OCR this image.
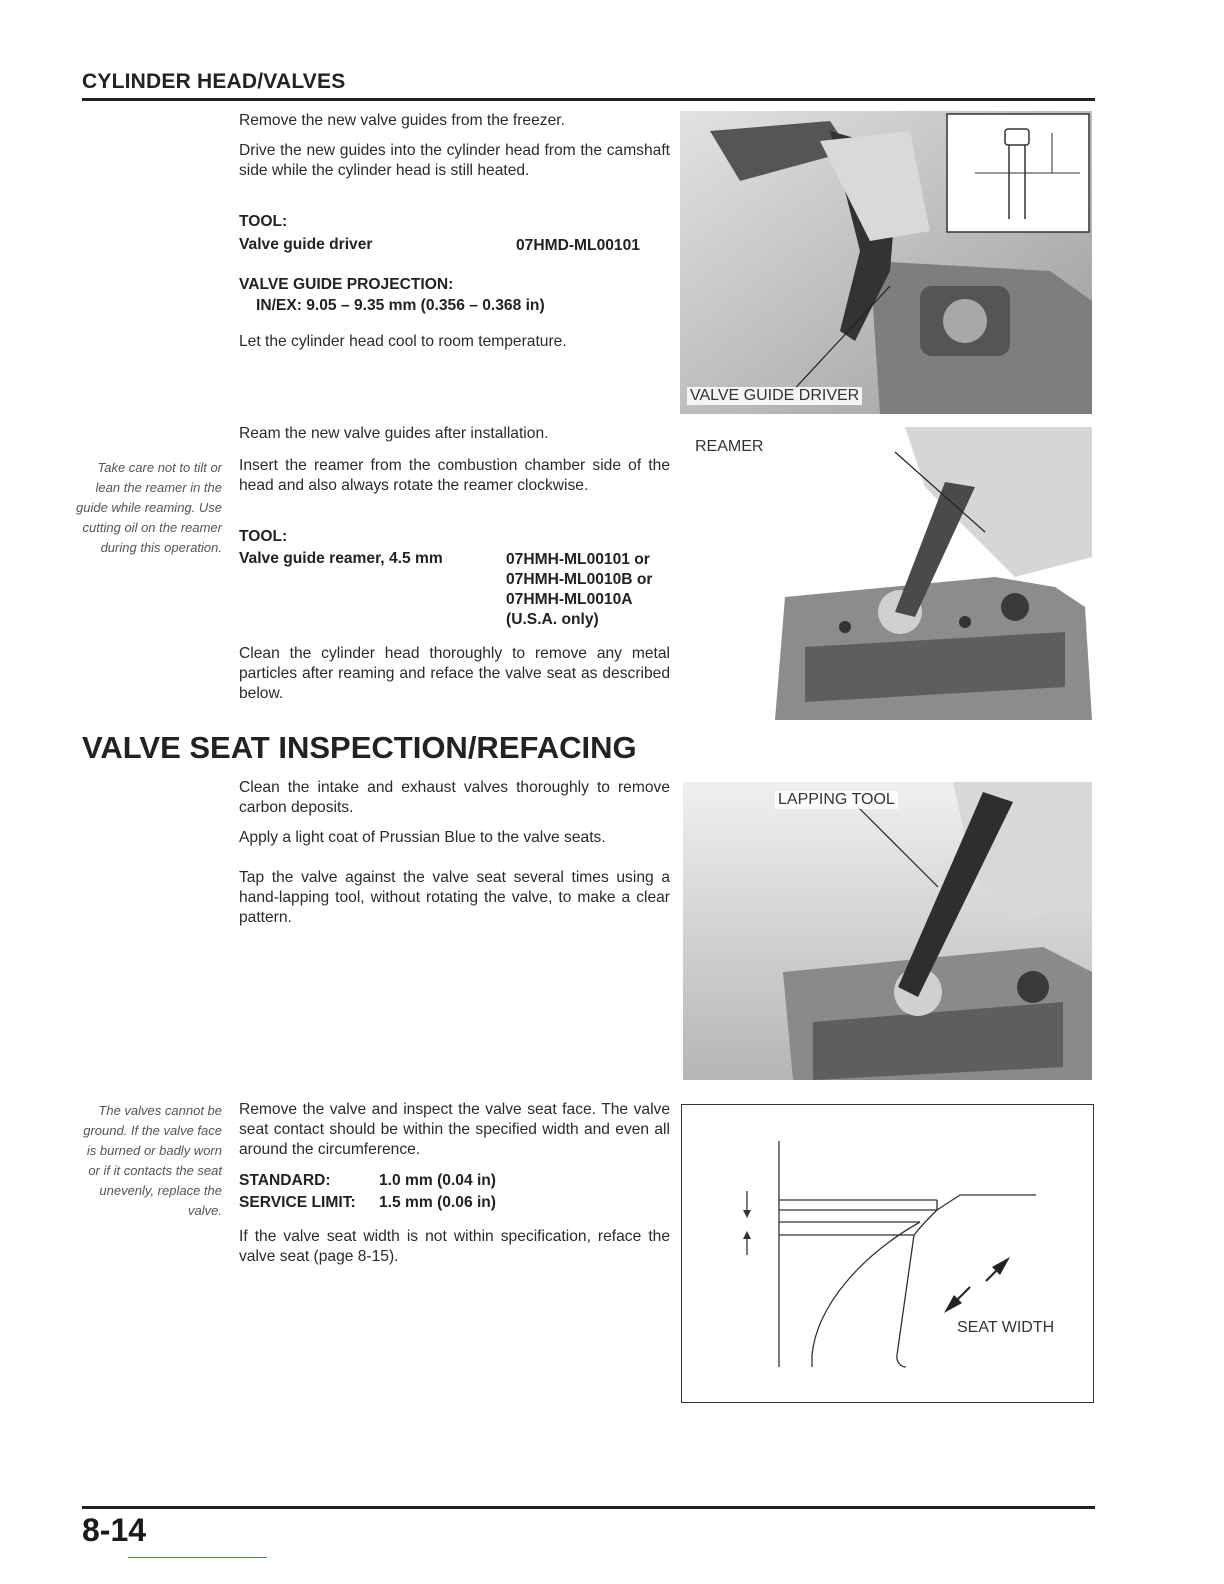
CYLINDER HEAD/VALVES

Remove the new valve guides from the freezer.

Drive the new guides into the cylinder head from the camshaft side while the cylinder head is still heated.

TOOL:
Valve guide driver	07HMD-ML00101
VALVE GUIDE PROJECTION:
IN/EX: 9.05 – 9.35 mm (0.356 – 0.368 in)

Let the cylinder head cool to room temperature.

VALVE GUIDE DRIVER

Ream the new valve guides after installation.

Take care not to tilt or lean the reamer in the guide while reaming. Use cutting oil on the reamer during this operation.

Insert the reamer from the combustion chamber side of the head and also always rotate the reamer clockwise.

TOOL:
Valve guide reamer, 4.5 mm	07HMH-ML00101 or
07HMH-ML0010B or
07HMH-ML0010A
(U.S.A. only)

Clean the cylinder head thoroughly to remove any metal particles after reaming and reface the valve seat as described below.

REAMER
VALVE SEAT INSPECTION/REFACING

Clean the intake and exhaust valves thoroughly to remove carbon deposits.

Apply a light coat of Prussian Blue to the valve seats.

Tap the valve against the valve seat several times using a hand-lapping tool, without rotating the valve, to make a clear pattern.

LAPPING TOOL
The valves cannot be ground. If the valve face is burned or badly worn or if it contacts the seat unevenly, replace the valve.

Remove the valve and inspect the valve seat face. The valve seat contact should be within the specified width and even all around the circumference.

STANDARD:	1.0 mm (0.04 in)
SERVICE LIMIT: 1.5 mm (0.06 in)

If the valve seat width is not within specification, reface the valve seat (page 8-15).

SEAT WIDTH
8-14
